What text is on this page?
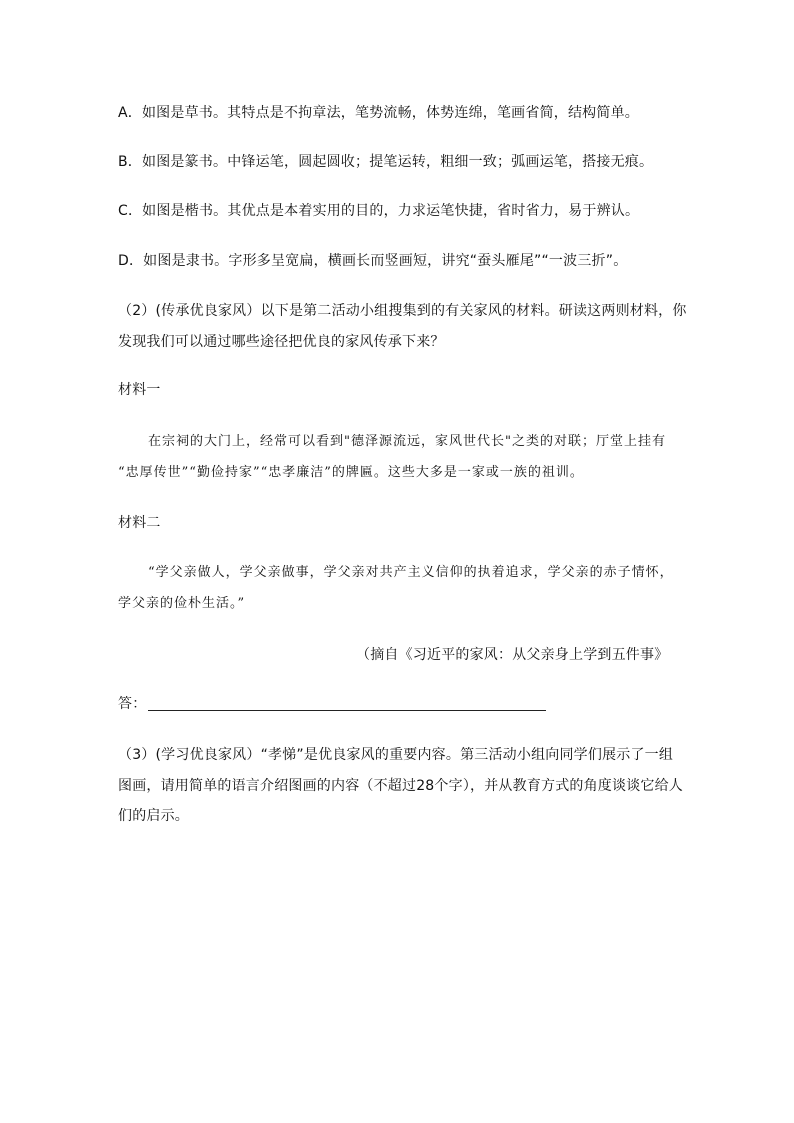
A．如图是草书。其特点是不拘章法，笔势流畅，体势连绵，笔画省简，结构简单。
B．如图是篆书。中锋运笔，圆起圆收；提笔运转，粗细一致；弧画运笔，搭接无痕。
C．如图是楷书。其优点是本着实用的目的，力求运笔快捷，省时省力，易于辨认。
D．如图是隶书。字形多呈宽扁，横画长而竖画短，讲究“蚕头雁尾”“一波三折”。
（2）(传承优良家风）以下是第二活动小组搜集到的有关家风的材料。研读这两则材料，你
发现我们可以通过哪些途径把优良的家风传承下来？
材料一
在宗祠的大门上，经常可以看到"德泽源流远，家风世代长"之类的对联；厅堂上挂有
“忠厚传世”“勤俭持家”“忠孝廉洁”的牌匾。这些大多是一家或一族的祖训。
材料二
“学父亲做人，学父亲做事，学父亲对共产主义信仰的执着追求，学父亲的赤子情怀，
学父亲的俭朴生活。”
（摘自《习近平的家风：从父亲身上学到五件事》
答：
（3）(学习优良家风）“孝悌”是优良家风的重要内容。第三活动小组向同学们展示了一组
图画，请用简单的语言介绍图画的内容（不超过28个字），并从教育方式的角度谈谈它给人
们的启示。
